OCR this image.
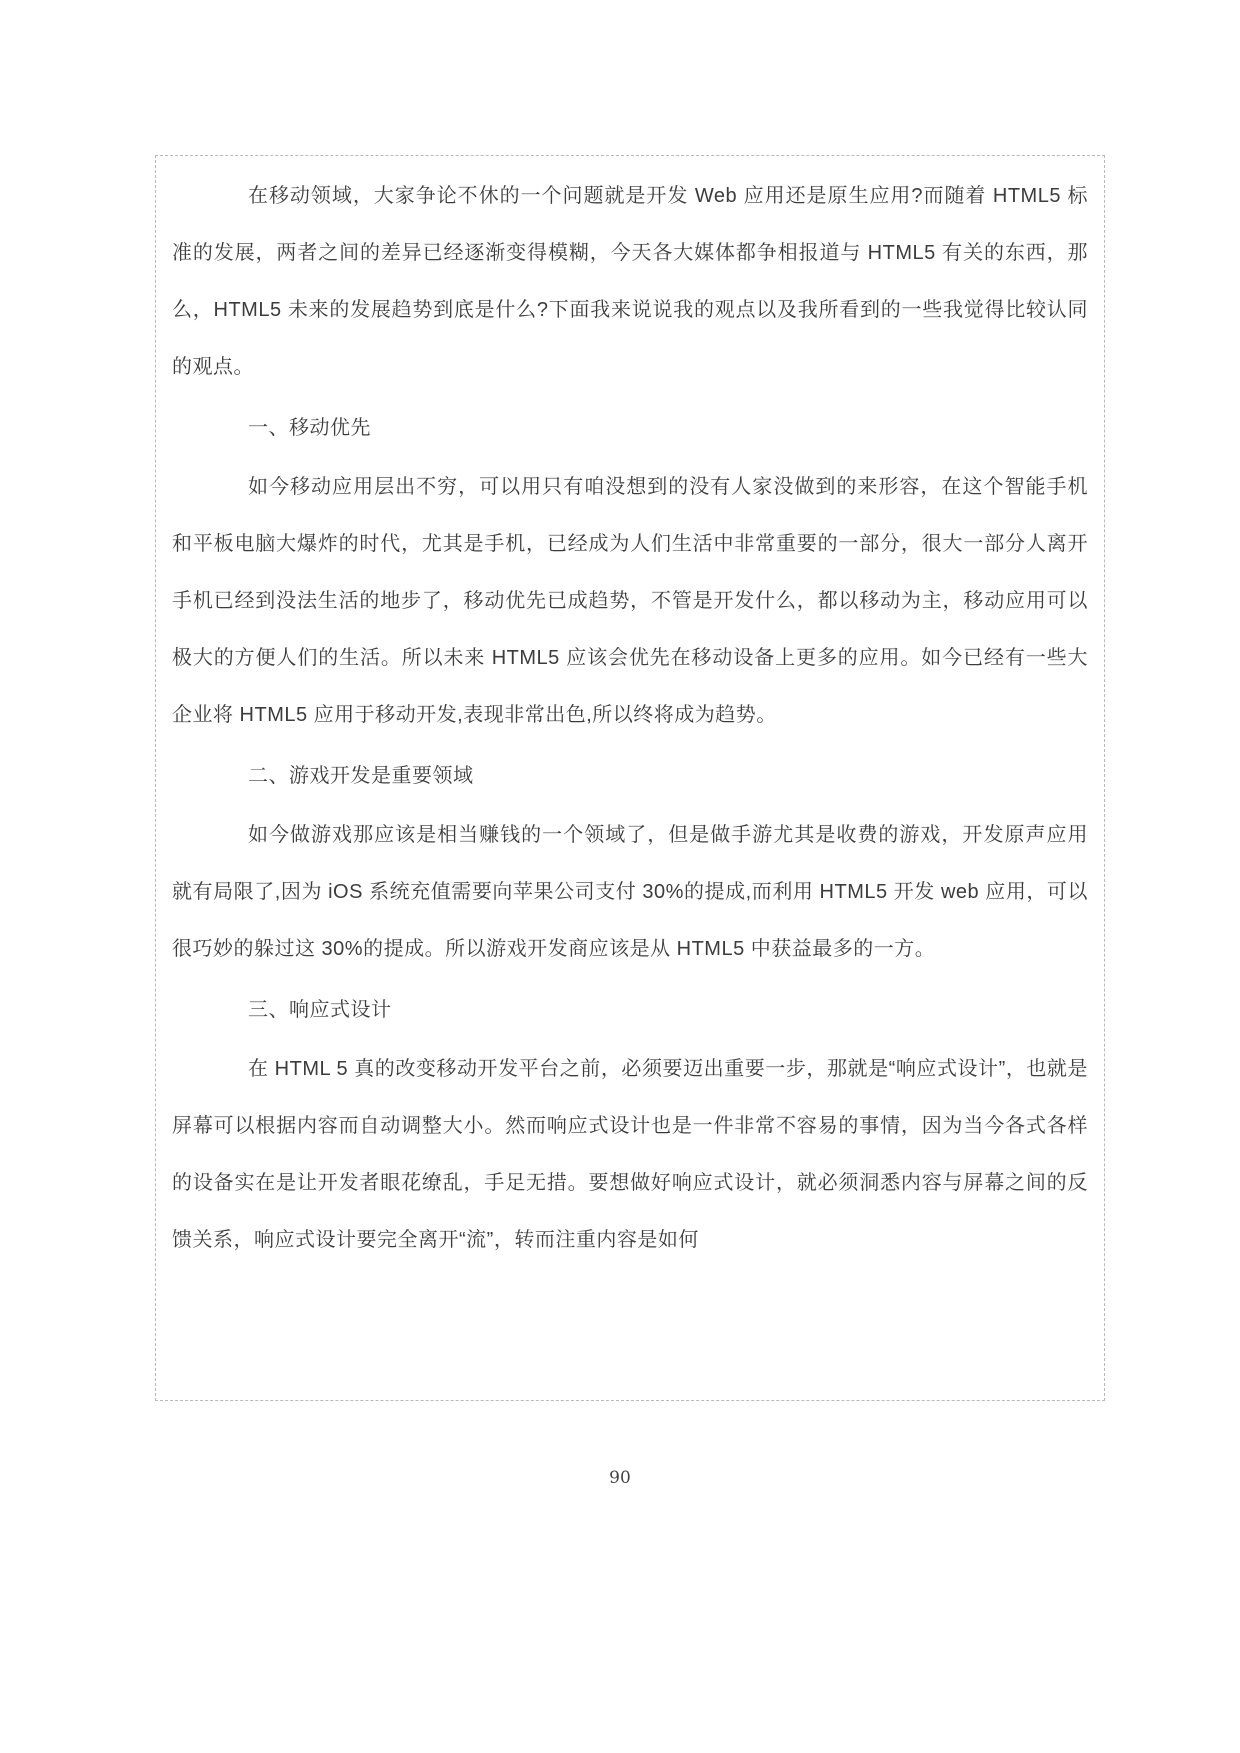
在移动领域，大家争论不休的一个问题就是开发 Web 应用还是原生应用?而随着 HTML5 标准的发展，两者之间的差异已经逐渐变得模糊，今天各大媒体都争相报道与 HTML5 有关的东西，那么，HTML5 未来的发展趋势到底是什么?下面我来说说我的观点以及我所看到的一些我觉得比较认同的观点。

一、移动优先

如今移动应用层出不穷，可以用只有咱没想到的没有人家没做到的来形容，在这个智能手机和平板电脑大爆炸的时代，尤其是手机，已经成为人们生活中非常重要的一部分，很大一部分人离开手机已经到没法生活的地步了，移动优先已成趋势，不管是开发什么，都以移动为主，移动应用可以极大的方便人们的生活。所以未来 HTML5 应该会优先在移动设备上更多的应用。如今已经有一些大企业将 HTML5 应用于移动开发,表现非常出色,所以终将成为趋势。

二、游戏开发是重要领域

如今做游戏那应该是相当赚钱的一个领域了，但是做手游尤其是收费的游戏，开发原声应用就有局限了,因为 iOS 系统充值需要向苹果公司支付 30%的提成,而利用 HTML5 开发 web 应用，可以很巧妙的躲过这 30%的提成。所以游戏开发商应该是从 HTML5 中获益最多的一方。

三、响应式设计

在 HTML 5 真的改变移动开发平台之前，必须要迈出重要一步，那就是“响应式设计”，也就是屏幕可以根据内容而自动调整大小。然而响应式设计也是一件非常不容易的事情，因为当今各式各样的设备实在是让开发者眼花缭乱，手足无措。要想做好响应式设计，就必须洞悉内容与屏幕之间的反馈关系，响应式设计要完全离开“流”，转而注重内容是如何

90
